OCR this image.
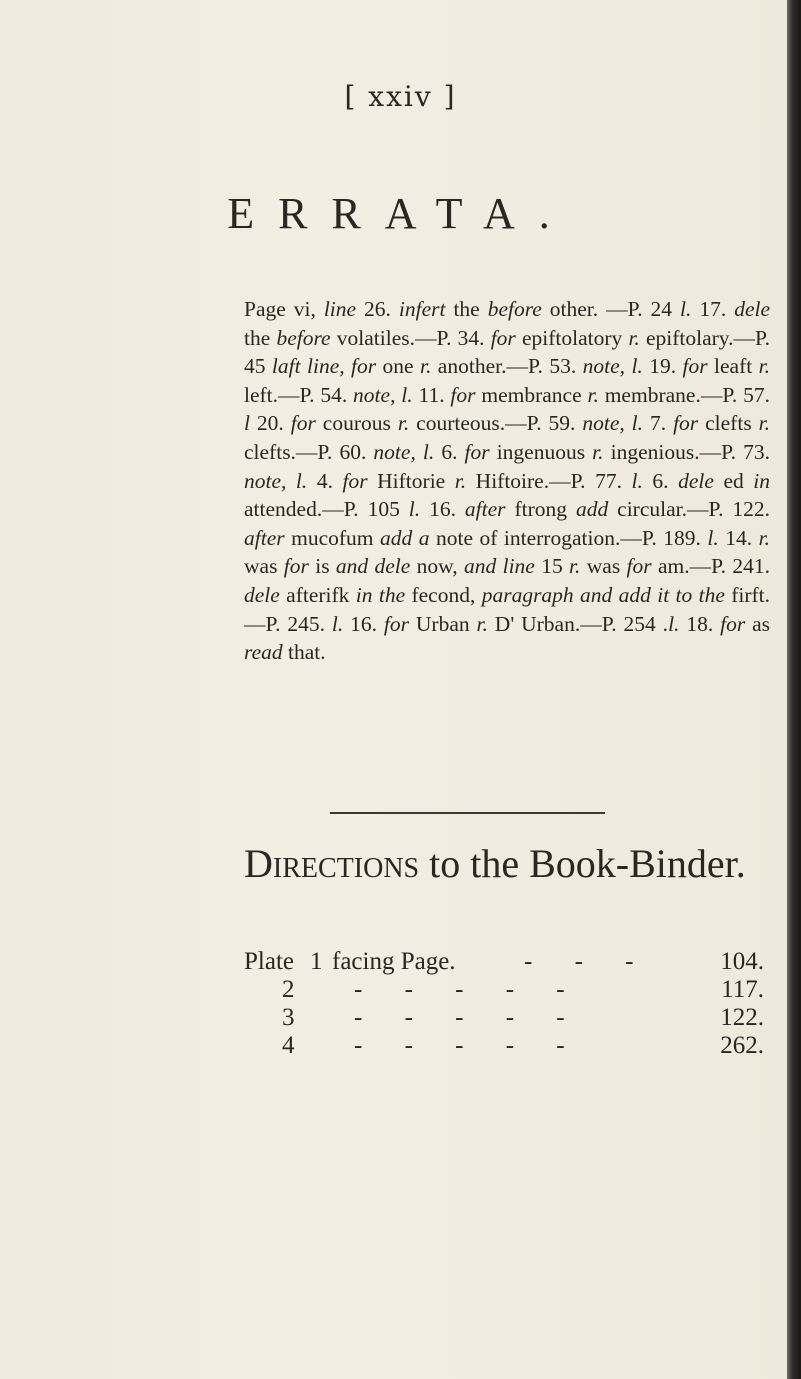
[ xxiv ]
ERRATA.
Page vi, line 26. infert the before other. —P. 24 l. 17. dele the before volatiles.—P. 34. for epiftolatory r. epiftolary.—P. 45 laft line, for one r. another.—P. 53. note, l. 19. for leaft r. left.—P. 54. note, l. 11. for membrance r. membrane.—P. 57. l 20. for courous r. courteous.—P. 59. note, l. 7. for clefts r. clefts.—P. 60. note, l. 6. for ingenuous r. ingenious.—P. 73. note, l. 4. for Hiftorie r. Hiftoire.—P. 77. l. 6. dele ed in attended.—P. 105 l. 16. after ftrong add circular.—P. 122. after mucofum add a note of interrogation.—P. 189. l. 14. r. was for is and dele now, and line 15 r. was for am.—P. 241. dele afterifk in the fecond, paragraph and add it to the firft.—P. 245. l. 16. for Urban r. D' Urban.—P. 254 .l. 18. for as read that.
Directions to the Book-Binder.
Plate 1 facing Page.	- - -	104.
2 - - - - -	117.
3 - - - - -	122.
4 - - - - -	262.
